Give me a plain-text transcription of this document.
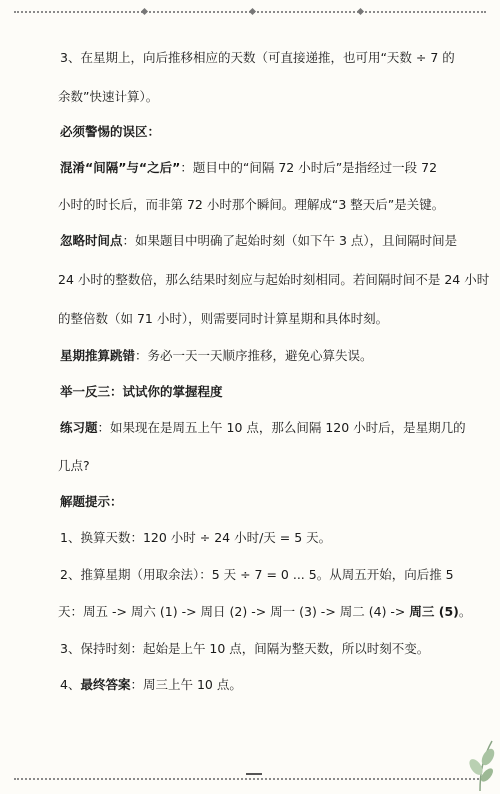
3、在星期上，向后推移相应的天数（可直接递推，也可用“天数 ÷ 7 的
余数”快速计算）。
必须警惕的误区：
混淆“间隔”与“之后”：题目中的“间隔 72 小时后”是指经过一段 72
小时的时长后，而非第 72 小时那个瞬间。理解成“3 整天后”是关键。
忽略时间点：如果题目中明确了起始时刻（如下午 3 点），且间隔时间是
24 小时的整数倍，那么结果时刻应与起始时刻相同。若间隔时间不是 24 小时
的整倍数（如 71 小时），则需要同时计算星期和具体时刻。
星期推算跳错：务必一天一天顺序推移，避免心算失误。
举一反三：试试你的掌握程度
练习题：如果现在是周五上午 10 点，那么间隔 120 小时后，是星期几的
几点?
解题提示：
1、换算天数：120 小时 ÷ 24 小时/天 = 5 天。
2、推算星期（用取余法）：5 天 ÷ 7 = 0 ... 5。从周五开始，向后推 5
天：周五 -> 周六 (1) -> 周日 (2) -> 周一 (3) -> 周二 (4) -> 周三 (5)。
3、保持时刻：起始是上午 10 点，间隔为整天数，所以时刻不变。
4、最终答案：周三上午 10 点。
